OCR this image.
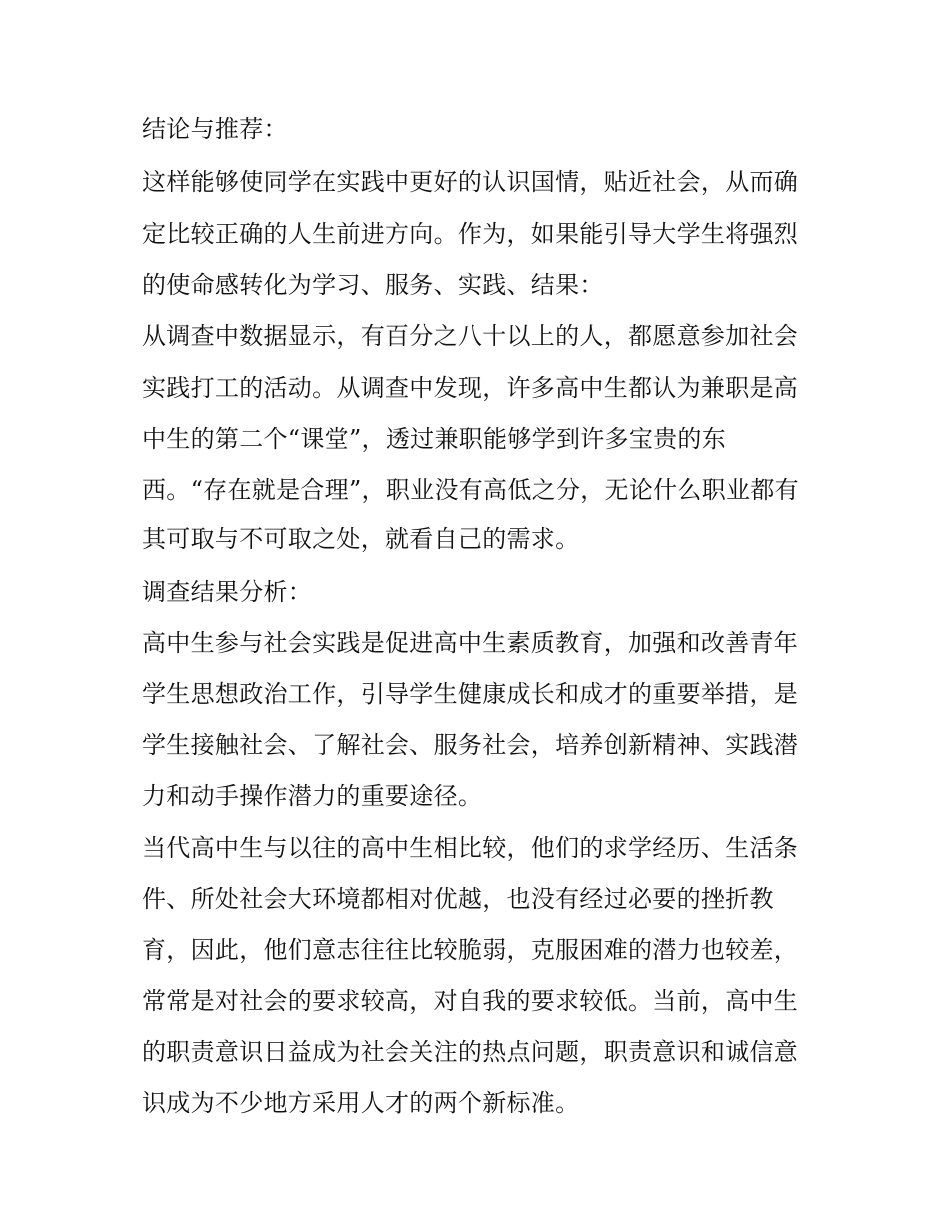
结论与推荐：
这样能够使同学在实践中更好的认识国情，贴近社会，从而确
定比较正确的人生前进方向。作为，如果能引导大学生将强烈
的使命感转化为学习、服务、实践、结果：
从调查中数据显示，有百分之八十以上的人，都愿意参加社会
实践打工的活动。从调查中发现，许多高中生都认为兼职是高
中生的第二个“课堂”，透过兼职能够学到许多宝贵的东
西。“存在就是合理”，职业没有高低之分，无论什么职业都有
其可取与不可取之处，就看自己的需求。
调查结果分析：
高中生参与社会实践是促进高中生素质教育，加强和改善青年
学生思想政治工作，引导学生健康成长和成才的重要举措，是
学生接触社会、了解社会、服务社会，培养创新精神、实践潜
力和动手操作潜力的重要途径。
当代高中生与以往的高中生相比较，他们的求学经历、生活条
件、所处社会大环境都相对优越，也没有经过必要的挫折教
育，因此，他们意志往往比较脆弱，克服困难的潜力也较差，
常常是对社会的要求较高，对自我的要求较低。当前，高中生
的职责意识日益成为社会关注的热点问题，职责意识和诚信意
识成为不少地方采用人才的两个新标准。
